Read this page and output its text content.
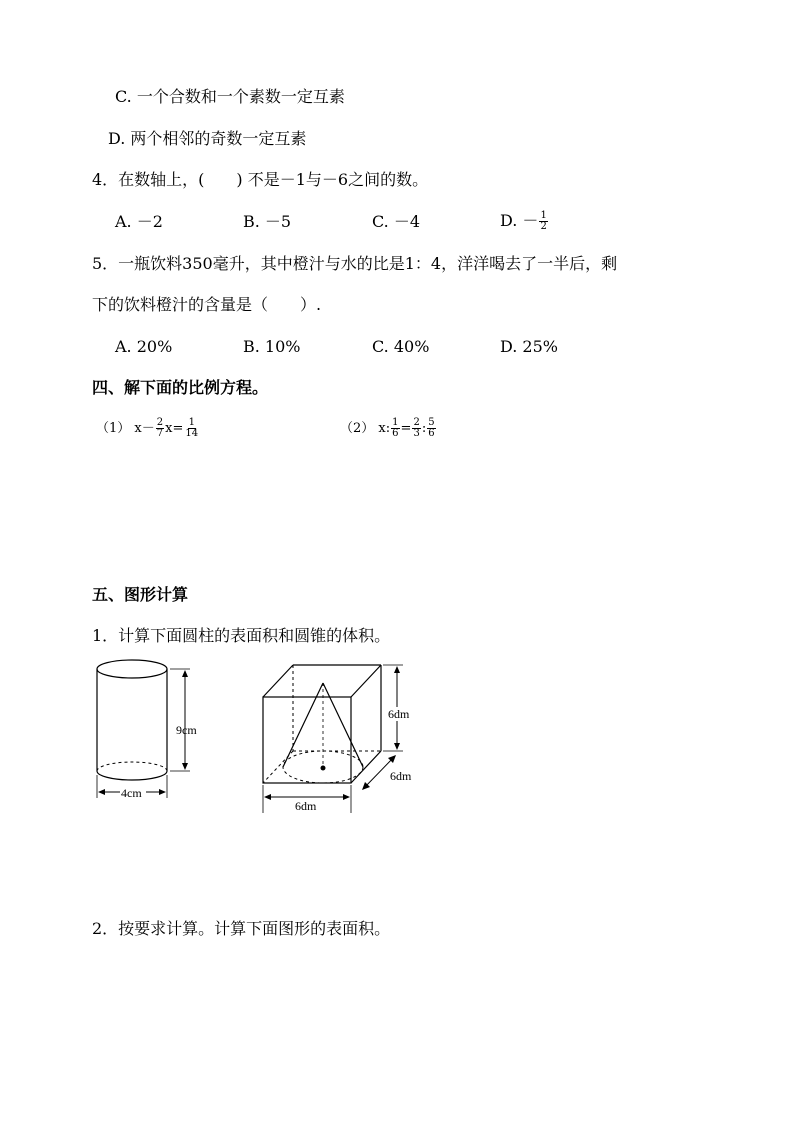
C. 一个合数和一个素数一定互素
D. 两个相邻的奇数一定互素
4．在数轴上，(　　) 不是－1与－6之间的数。
A. －2	B. －5	C. －4	D. － $\frac{1}{2}$
5．一瓶饮料350毫升，其中橙汁与水的比是1：4，洋洋喝去了一半后，剩
下的饮料橙汁的含量是（　　）.
A. 20%	B. 10%	C. 40%	D. 25%
四、解下面的比例方程。
（1） $x- \frac{2}{7} x= \frac{1}{14}$	（2） x: $\frac{1}{6} = \frac{2}{3}$ : $\frac{5}{6}$
五、图形计算
1．计算下面圆柱的表面积和圆锥的体积。
9cm
4cm
6dm
6dm
6dm
2．按要求计算。计算下面图形的表面积。
